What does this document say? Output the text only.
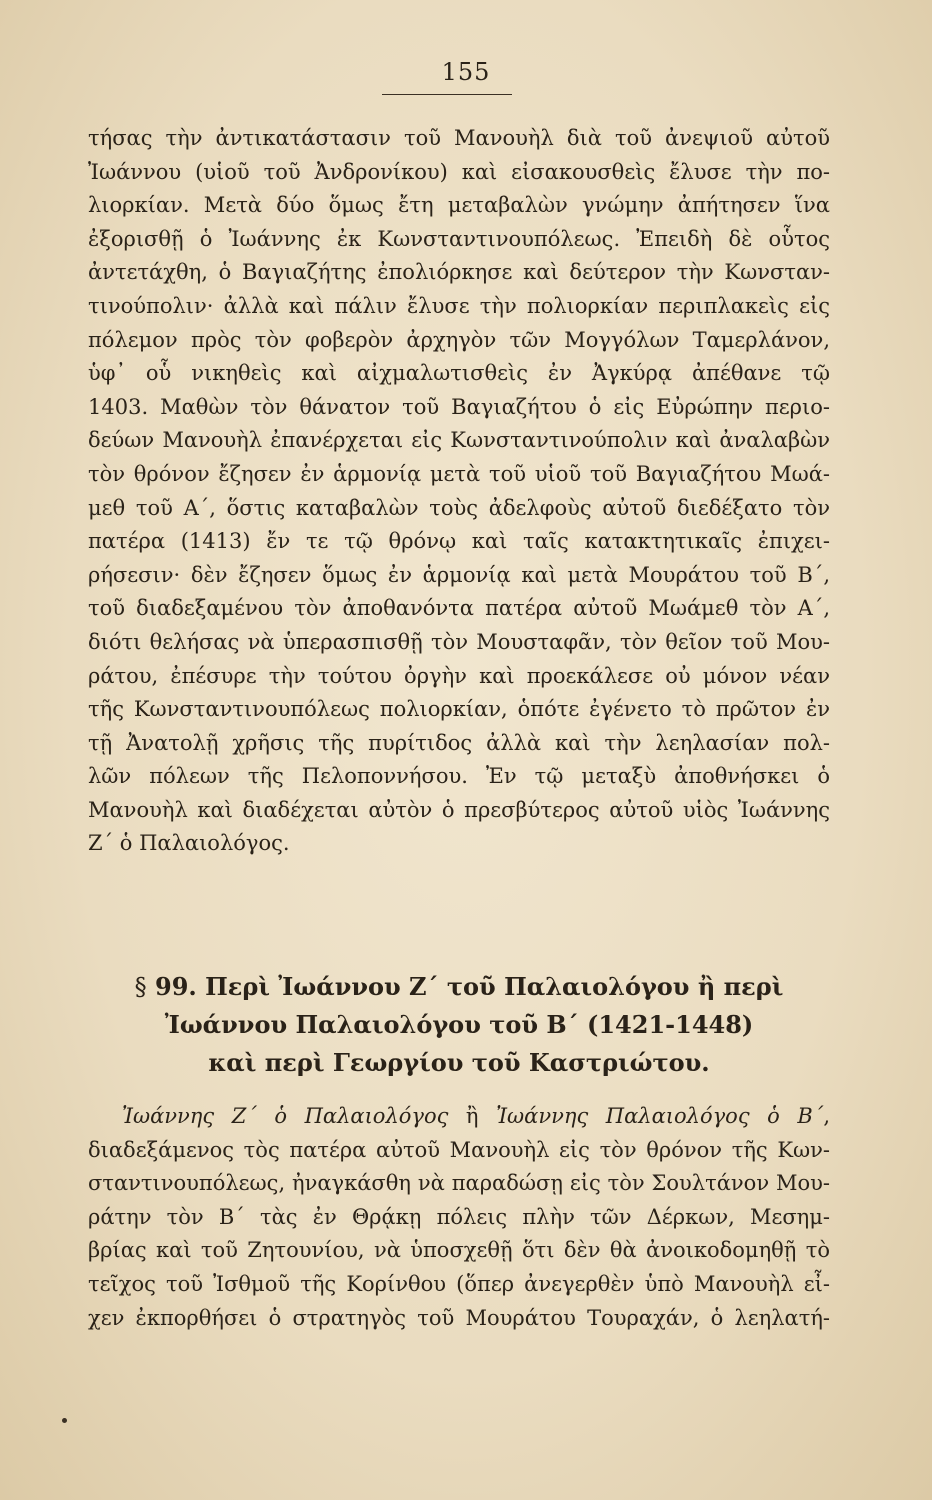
155
τήσας τὴν ἀντικατάστασιν τοῦ Μανουὴλ διὰ τοῦ ἀνεψιοῦ αὐτοῦ
Ἰωάννου (υἱοῦ τοῦ Ἀνδρονίκου) καὶ εἰσακουσθεὶς ἔλυσε τὴν πο-
λιορκίαν. Μετὰ δύο ὅμως ἔτη μεταβαλὼν γνώμην ἀπήτησεν ἵνα
ἐξορισθῇ ὁ Ἰωάννης ἐκ Κωνσταντινουπόλεως. Ἐπειδὴ δὲ οὗτος
ἀντετάχθη, ὁ Βαγιαζήτης ἐπολιόρκησε καὶ δεύτερον τὴν Κωνσταν-
τινούπολιν· ἀλλὰ καὶ πάλιν ἔλυσε τὴν πολιορκίαν περιπλακεὶς εἰς
πόλεμον πρὸς τὸν φοβερὸν ἀρχηγὸν τῶν Μογγόλων Ταμερλάνον,
ὑφ᾿ οὗ νικηθεὶς καὶ αἰχμαλωτισθεὶς ἐν Ἀγκύρᾳ ἀπέθανε τῷ
1403. Μαθὼν τὸν θάνατον τοῦ Βαγιαζήτου ὁ εἰς Εὐρώπην περιο-
δεύων Μανουὴλ ἐπανέρχεται εἰς Κωνσταντινούπολιν καὶ ἀναλαβὼν
τὸν θρόνον ἔζησεν ἐν ἁρμονίᾳ μετὰ τοῦ υἱοῦ τοῦ Βαγιαζήτου Μωά-
μεθ τοῦ Α΄, ὅστις καταβαλὼν τοὺς ἀδελφοὺς αὐτοῦ διεδέξατο τὸν
πατέρα (1413) ἔν τε τῷ θρόνῳ καὶ ταῖς κατακτητικαῖς ἐπιχει-
ρήσεσιν· δὲν ἔζησεν ὅμως ἐν ἁρμονίᾳ καὶ μετὰ Μουράτου τοῦ Β΄,
τοῦ διαδεξαμένου τὸν ἀποθανόντα πατέρα αὐτοῦ Μωάμεθ τὸν Α΄,
διότι θελήσας νὰ ὑπερασπισθῇ τὸν Μουσταφᾶν, τὸν θεῖον τοῦ Μου-
ράτου, ἐπέσυρε τὴν τούτου ὀργὴν καὶ προεκάλεσε οὐ μόνον νέαν
τῆς Κωνσταντινουπόλεως πολιορκίαν, ὁπότε ἐγένετο τὸ πρῶτον ἐν
τῇ Ἀνατολῇ χρῆσις τῆς πυρίτιδος ἀλλὰ καὶ τὴν λεηλασίαν πολ-
λῶν πόλεων τῆς Πελοποννήσου. Ἐν τῷ μεταξὺ ἀποθνήσκει ὁ
Μανουὴλ καὶ διαδέχεται αὐτὸν ὁ πρεσβύτερος αὐτοῦ υἱὸς Ἰωάννης
Ζ΄ ὁ Παλαιολόγος.
§ 99. Περὶ Ἰωάννου Ζ΄ τοῦ Παλαιολόγου ἢ περὶ
Ἰωάννου Παλαιολόγου τοῦ Β΄ (1421-1448)
καὶ περὶ Γεωργίου τοῦ Καστριώτου.
Ἰωάννης Ζ΄ ὁ Παλαιολόγος ἢ Ἰωάννης Παλαιολόγος ὁ Β΄,
διαδεξάμενος τὸς πατέρα αὐτοῦ Μανουὴλ εἰς τὸν θρόνον τῆς Κων-
σταντινουπόλεως, ἠναγκάσθη νὰ παραδώσῃ εἰς τὸν Σουλτάνον Μου-
ράτην τὸν Β΄ τὰς ἐν Θρᾴκῃ πόλεις πλὴν τῶν Δέρκων, Μεσημ-
βρίας καὶ τοῦ Ζητουνίου, νὰ ὑποσχεθῇ ὅτι δὲν θὰ ἀνοικοδομηθῇ τὸ
τεῖχος τοῦ Ἰσθμοῦ τῆς Κορίνθου (ὅπερ ἀνεγερθὲν ὑπὸ Μανουὴλ εἶ-
χεν ἐκπορθήσει ὁ στρατηγὸς τοῦ Μουράτου Τουραχάν, ὁ λεηλατή-
